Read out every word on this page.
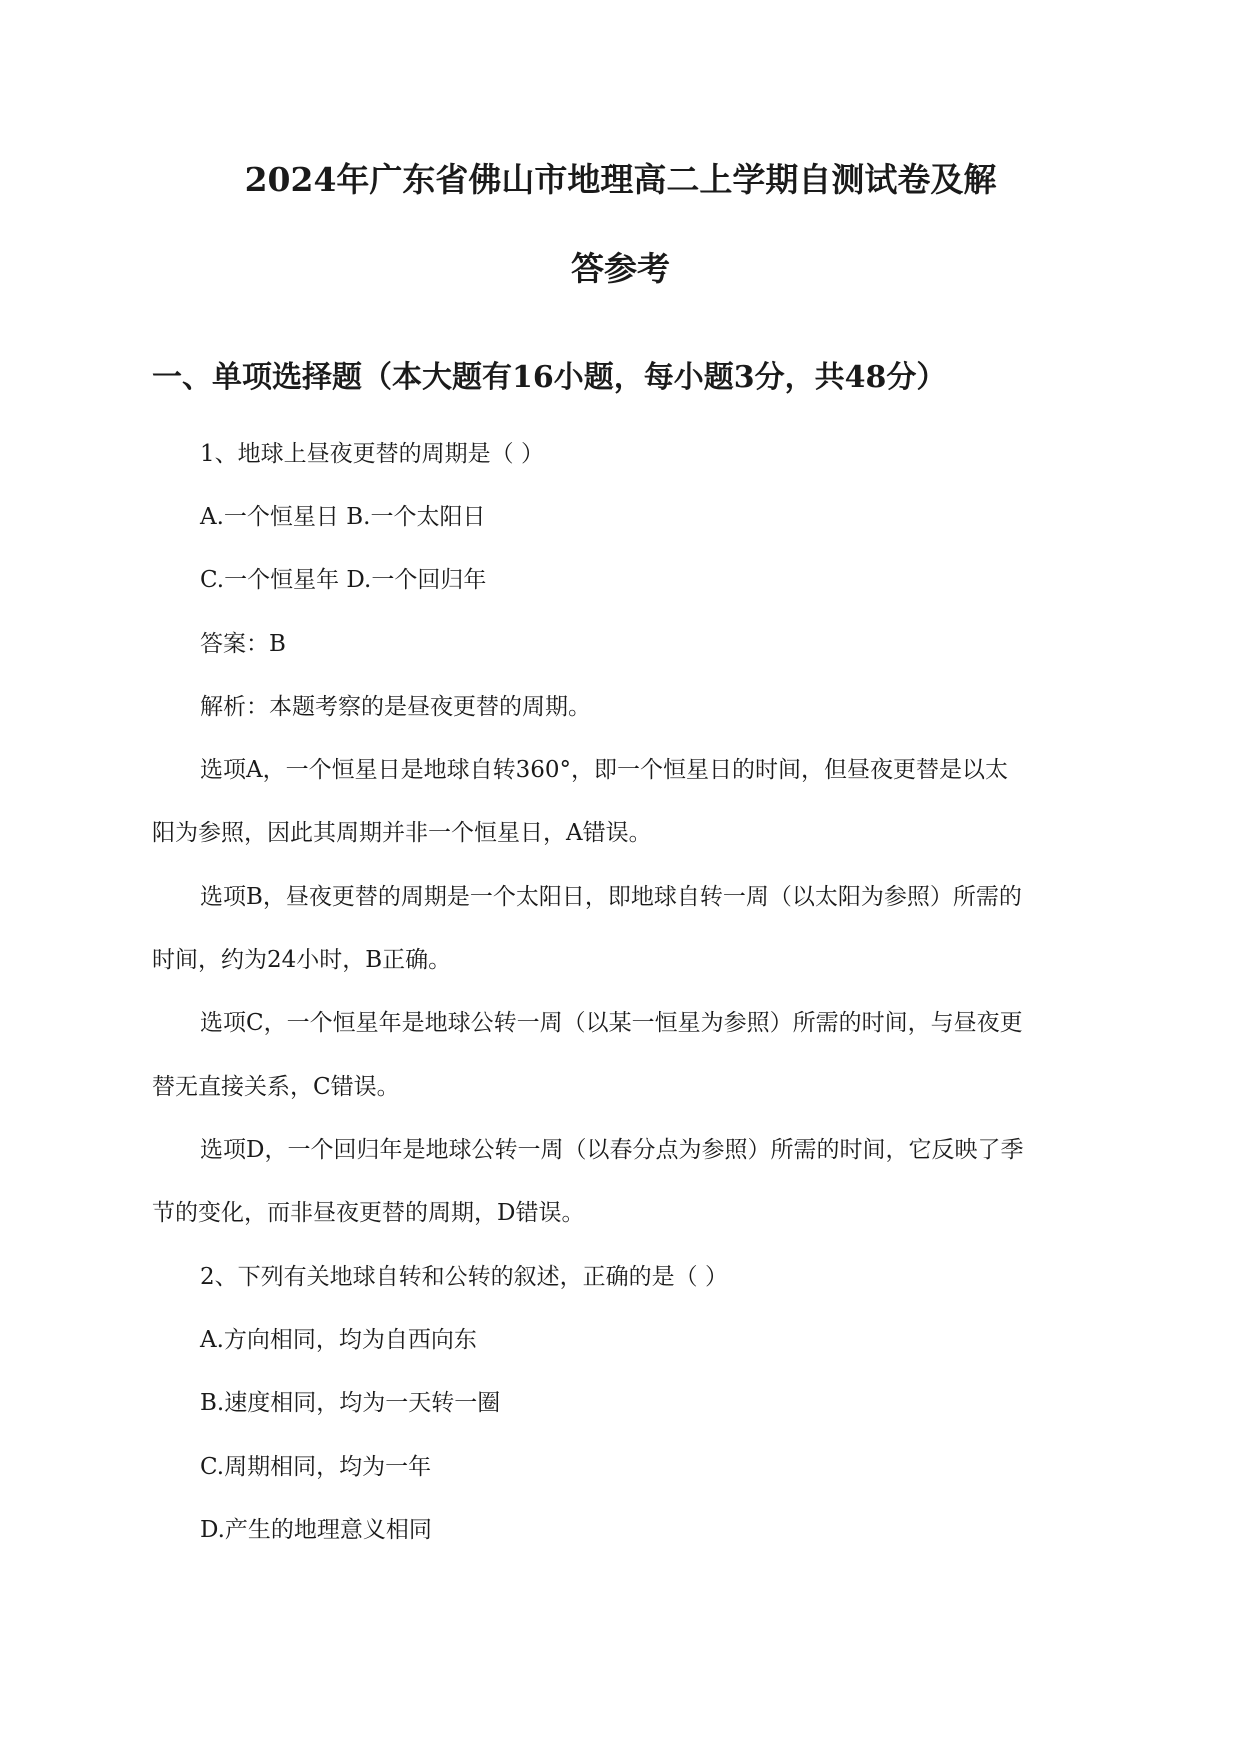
2024年广东省佛山市地理高二上学期自测试卷及解
答参考
一、单项选择题（本大题有16小题，每小题3分，共48分）
1、地球上昼夜更替的周期是（ ）
A.一个恒星日 B.一个太阳日
C.一个恒星年 D.一个回归年
答案：B
解析：本题考察的是昼夜更替的周期。
选项A，一个恒星日是地球自转360°，即一个恒星日的时间，但昼夜更替是以太
阳为参照，因此其周期并非一个恒星日，A错误。
选项B，昼夜更替的周期是一个太阳日，即地球自转一周（以太阳为参照）所需的
时间，约为24小时，B正确。
选项C，一个恒星年是地球公转一周（以某一恒星为参照）所需的时间，与昼夜更
替无直接关系，C错误。
选项D，一个回归年是地球公转一周（以春分点为参照）所需的时间，它反映了季
节的变化，而非昼夜更替的周期，D错误。
2、下列有关地球自转和公转的叙述，正确的是（ ）
A.方向相同，均为自西向东
B.速度相同，均为一天转一圈
C.周期相同，均为一年
D.产生的地理意义相同
